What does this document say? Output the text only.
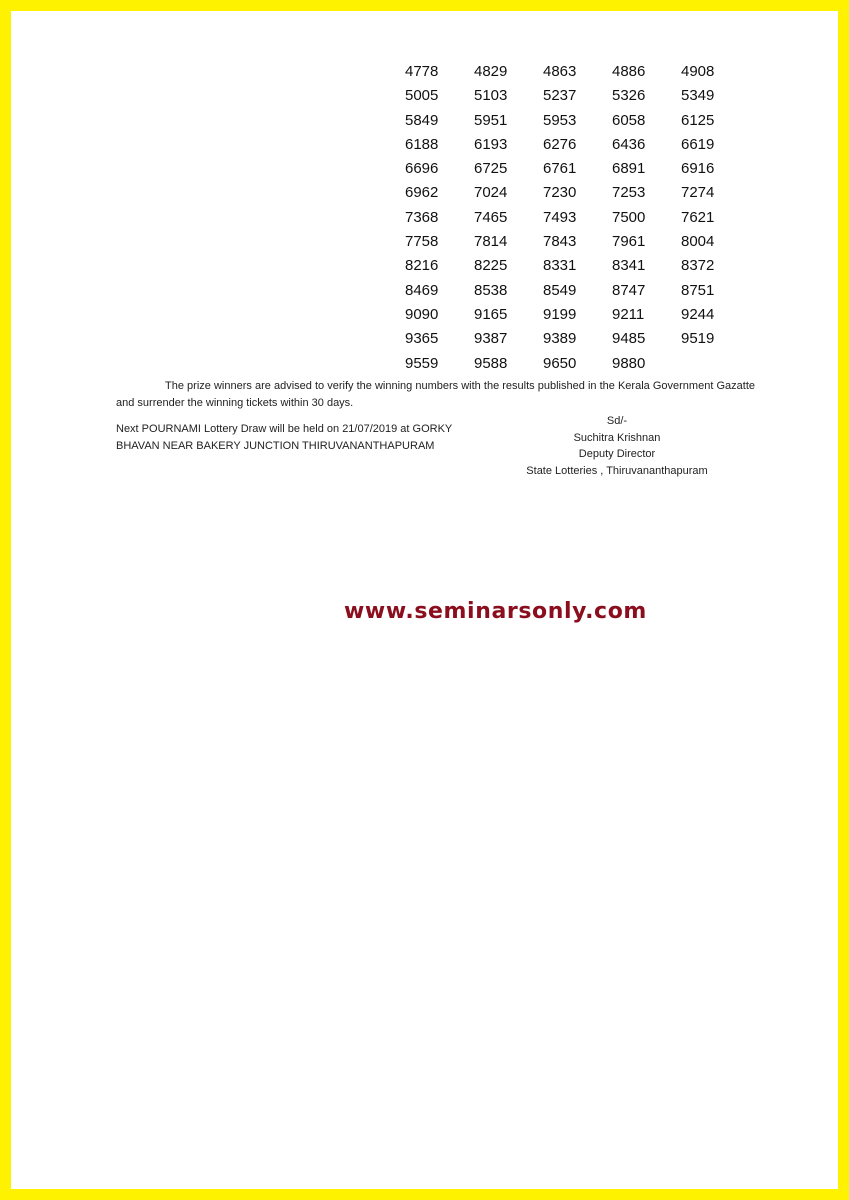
4778	4829	4863	4886	4908
5005	5103	5237	5326	5349
5849	5951	5953	6058	6125
6188	6193	6276	6436	6619
6696	6725	6761	6891	6916
6962	7024	7230	7253	7274
7368	7465	7493	7500	7621
7758	7814	7843	7961	8004
8216	8225	8331	8341	8372
8469	8538	8549	8747	8751
9090	9165	9199	9211	9244
9365	9387	9389	9485	9519
9559	9588	9650	9880
The prize winners are advised to verify the winning numbers with the results published in the Kerala Government Gazatte and surrender the winning tickets within 30 days.
Next POURNAMI Lottery Draw will be held on 21/07/2019 at GORKY
BHAVAN NEAR BAKERY JUNCTION THIRUVANANTHAPURAM
Sd/-
Suchitra Krishnan
Deputy Director
State Lotteries , Thiruvananthapuram
www.seminarsonly.com
